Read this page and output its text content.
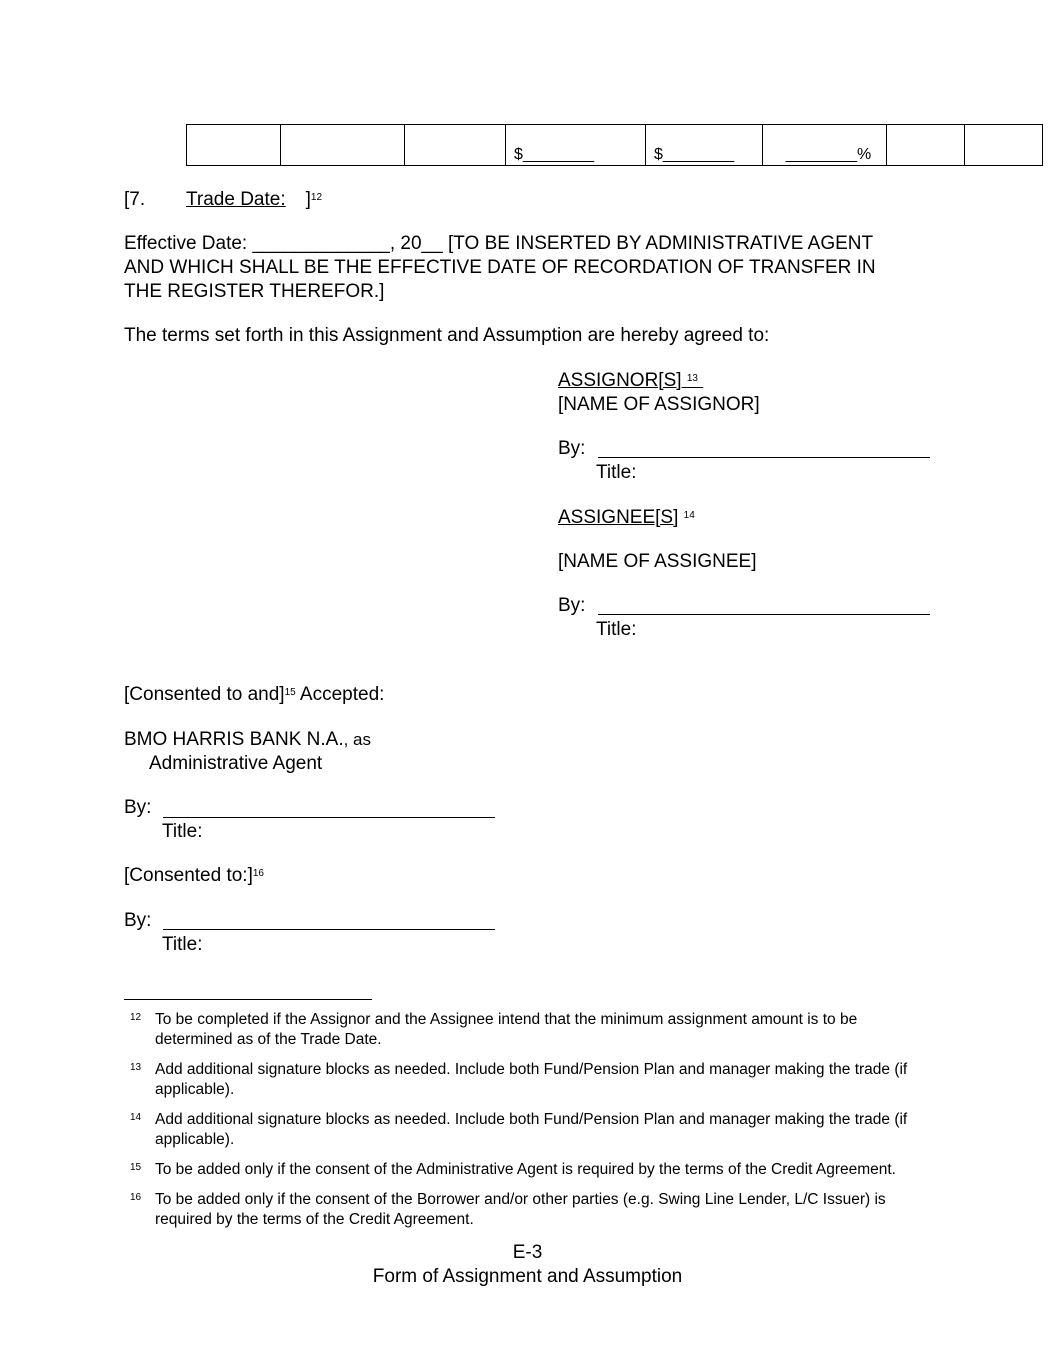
			$________	$________	________%		
[7. Trade Date: ]$^{12}$
Effective Date: _____________, 20__ [TO BE INSERTED BY ADMINISTRATIVE AGENT
AND WHICH SHALL BE THE EFFECTIVE DATE OF RECORDATION OF TRANSFER IN
THE REGISTER THEREFOR.]
The terms set forth in this Assignment and Assumption are hereby agreed to:
ASSIGNOR[S] $^{13}$
[NAME OF ASSIGNOR]
By:
Title:
ASSIGNEE[S] $^{14}$
[NAME OF ASSIGNEE]
By:
Title:
[Consented to and]$^{15}$ Accepted:
BMO HARRIS BANK N.A., as
Administrative Agent
By:
Title:
[Consented to:]$^{16}$
By:
Title:
12 To be completed if the Assignor and the Assignee intend that the minimum assignment amount is to be determined as of the Trade Date.
13 Add additional signature blocks as needed. Include both Fund/Pension Plan and manager making the trade (if applicable).
14 Add additional signature blocks as needed. Include both Fund/Pension Plan and manager making the trade (if applicable).
15 To be added only if the consent of the Administrative Agent is required by the terms of the Credit Agreement.
16 To be added only if the consent of the Borrower and/or other parties (e.g. Swing Line Lender, L/C Issuer) is required by the terms of the Credit Agreement.
E-3
Form of Assignment and Assumption
